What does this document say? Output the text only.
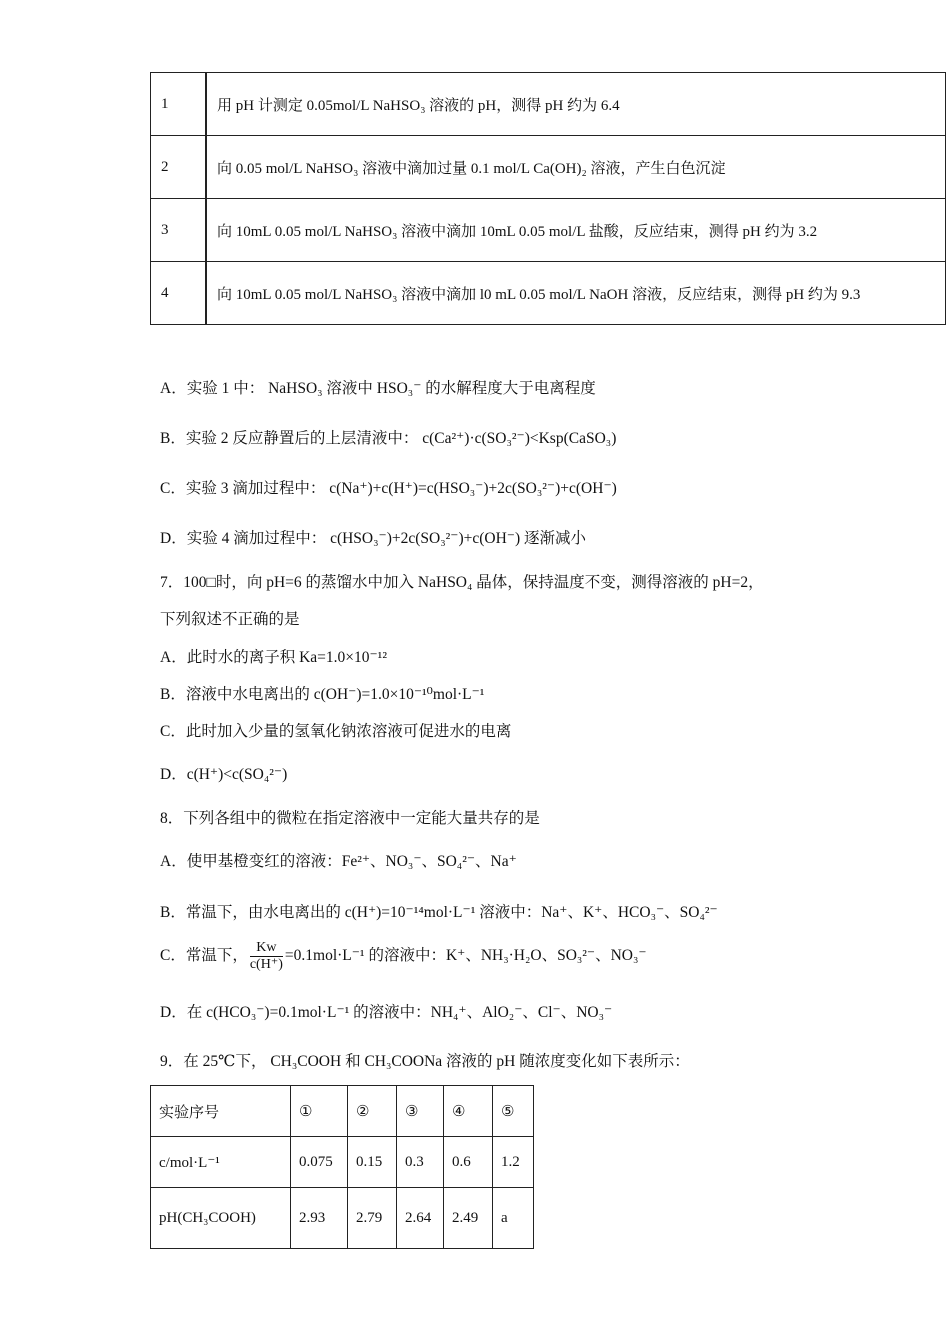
1	用 pH 计测定 0.05mol/L NaHSO₃ 溶液的 pH，测得 pH 约为 6.4
2	向 0.05 mol/L NaHSO₃ 溶液中滴加过量 0.1 mol/L Ca(OH)₂ 溶液，产生白色沉淀
3	向 10mL 0.05 mol/L NaHSO₃ 溶液中滴加 10mL 0.05 mol/L 盐酸，反应结束，测得 pH 约为 3.2
4	向 10mL 0.05 mol/L NaHSO₃ 溶液中滴加 l0 mL 0.05 mol/L NaOH 溶液，反应结束，测得 pH 约为 9.3
A．实验 1 中： NaHSO₃ 溶液中 HSO₃⁻ 的水解程度大于电离程度
B．实验 2 反应静置后的上层清液中： c(Ca²⁺)·c(SO₃²⁻)<Ksp(CaSO₃)
C．实验 3 滴加过程中： c(Na⁺)+c(H⁺)=c(HSO₃⁻)+2c(SO₃²⁻)+c(OH⁻)
D．实验 4 滴加过程中： c(HSO₃⁻)+2c(SO₃²⁻)+c(OH⁻) 逐渐减小
7．100□时，向 pH=6 的蒸馏水中加入 NaHSO₄ 晶体，保持温度不变，测得溶液的 pH=2，
下列叙述不正确的是
A．此时水的离子积 Ka=1.0×10⁻¹²
B．溶液中水电离出的 c(OH⁻)=1.0×10⁻¹⁰mol·L⁻¹
C．此时加入少量的氢氧化钠浓溶液可促进水的电离
D．c(H⁺)<c(SO₄²⁻)
8．下列各组中的微粒在指定溶液中一定能大量共存的是
A．使甲基橙变红的溶液：Fe²⁺、NO₃⁻、SO₄²⁻、Na⁺
B．常温下，由水电离出的 c(H⁺)=10⁻¹⁴mol·L⁻¹ 溶液中：Na⁺、K⁺、HCO₃⁻、SO₄²⁻
C．常温下， $\frac{Kw}{c(H^+)} =0.1mol\cdot L^{-1}$ 的溶液中：K⁺、NH₃·H₂O、SO₃²⁻、NO₃⁻
D．在 c(HCO₃⁻)=0.1mol·L⁻¹ 的溶液中：NH₄⁺、AlO₂⁻、Cl⁻、NO₃⁻
9．在 25℃下， CH₃COOH 和 CH₃COONa 溶液的 pH 随浓度变化如下表所示：
实验序号	①	②	③	④	⑤
c/mol·L⁻¹	0.075	0.15	0.3	0.6	1.2
pH(CH₃COOH)	2.93	2.79	2.64	2.49	a
